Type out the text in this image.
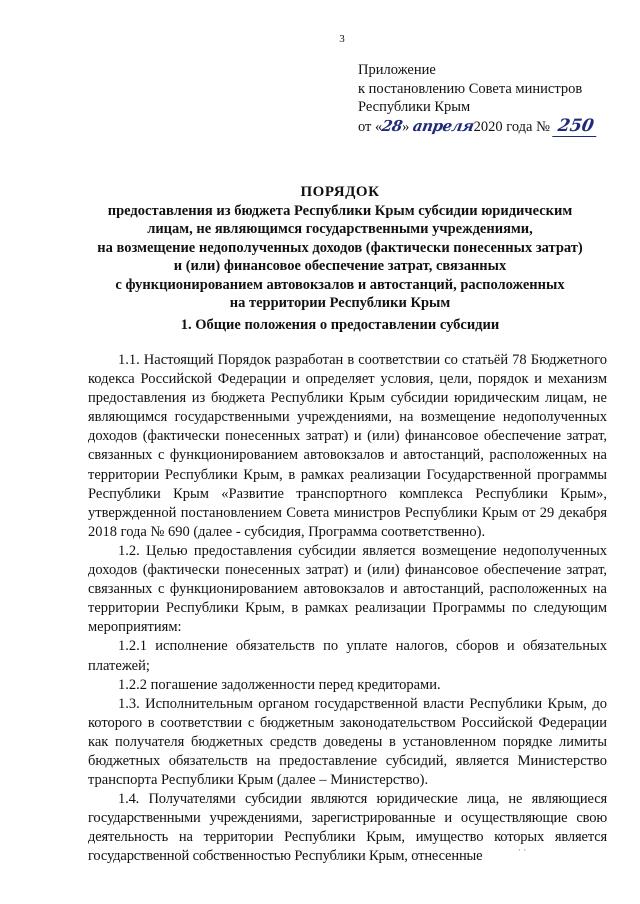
3
Приложение
к постановлению Совета министров
Республики Крым
от «28» апреля2020 года № 250
ПОРЯДОК
предоставления из бюджета Республики Крым субсидии юридическим
лицам, не являющимся государственными учреждениями,
на возмещение недополученных доходов (фактически понесенных затрат)
и (или) финансовое обеспечение затрат, связанных
с функционированием автовокзалов и автостанций, расположенных
на территории Республики Крым
1. Общие положения о предоставлении субсидии

1.1. Настоящий Порядок разработан в соответствии со статьёй 78 Бюджетного кодекса Российской Федерации и определяет условия, цели, порядок и механизм предоставления из бюджета Республики Крым субсидии юридическим лицам, не являющимся государственными учреждениями, на возмещение недополученных доходов (фактически понесенных затрат) и (или) финансовое обеспечение затрат, связанных с функционированием автовокзалов и автостанций, расположенных на территории Республики Крым, в рамках реализации Государственной программы Республики Крым «Развитие транспортного комплекса Республики Крым», утвержденной постановлением Совета министров Республики Крым от 29 декабря 2018 года № 690 (далее - субсидия, Программа соответственно).

1.2. Целью предоставления субсидии является возмещение недополученных доходов (фактически понесенных затрат) и (или) финансовое обеспечение затрат, связанных с функционированием автовокзалов и автостанций, расположенных на территории Республики Крым, в рамках реализации Программы по следующим мероприятиям:

1.2.1 исполнение обязательств по уплате налогов, сборов и обязательных платежей;

1.2.2 погашение задолженности перед кредиторами.

1.3. Исполнительным органом государственной власти Республики Крым, до которого в соответствии с бюджетным законодательством Российской Федерации как получателя бюджетных средств доведены в установленном порядке лимиты бюджетных обязательств на предоставление субсидий, является Министерство транспорта Республики Крым (далее – Министерство).

1.4. Получателями субсидии являются юридические лица, не являющиеся государственными учреждениями, зарегистрированные и осуществляющие свою деятельность на территории Республики Крым, имущество которых является государственной собственностью Республики Крым, отнесенные	· ·
